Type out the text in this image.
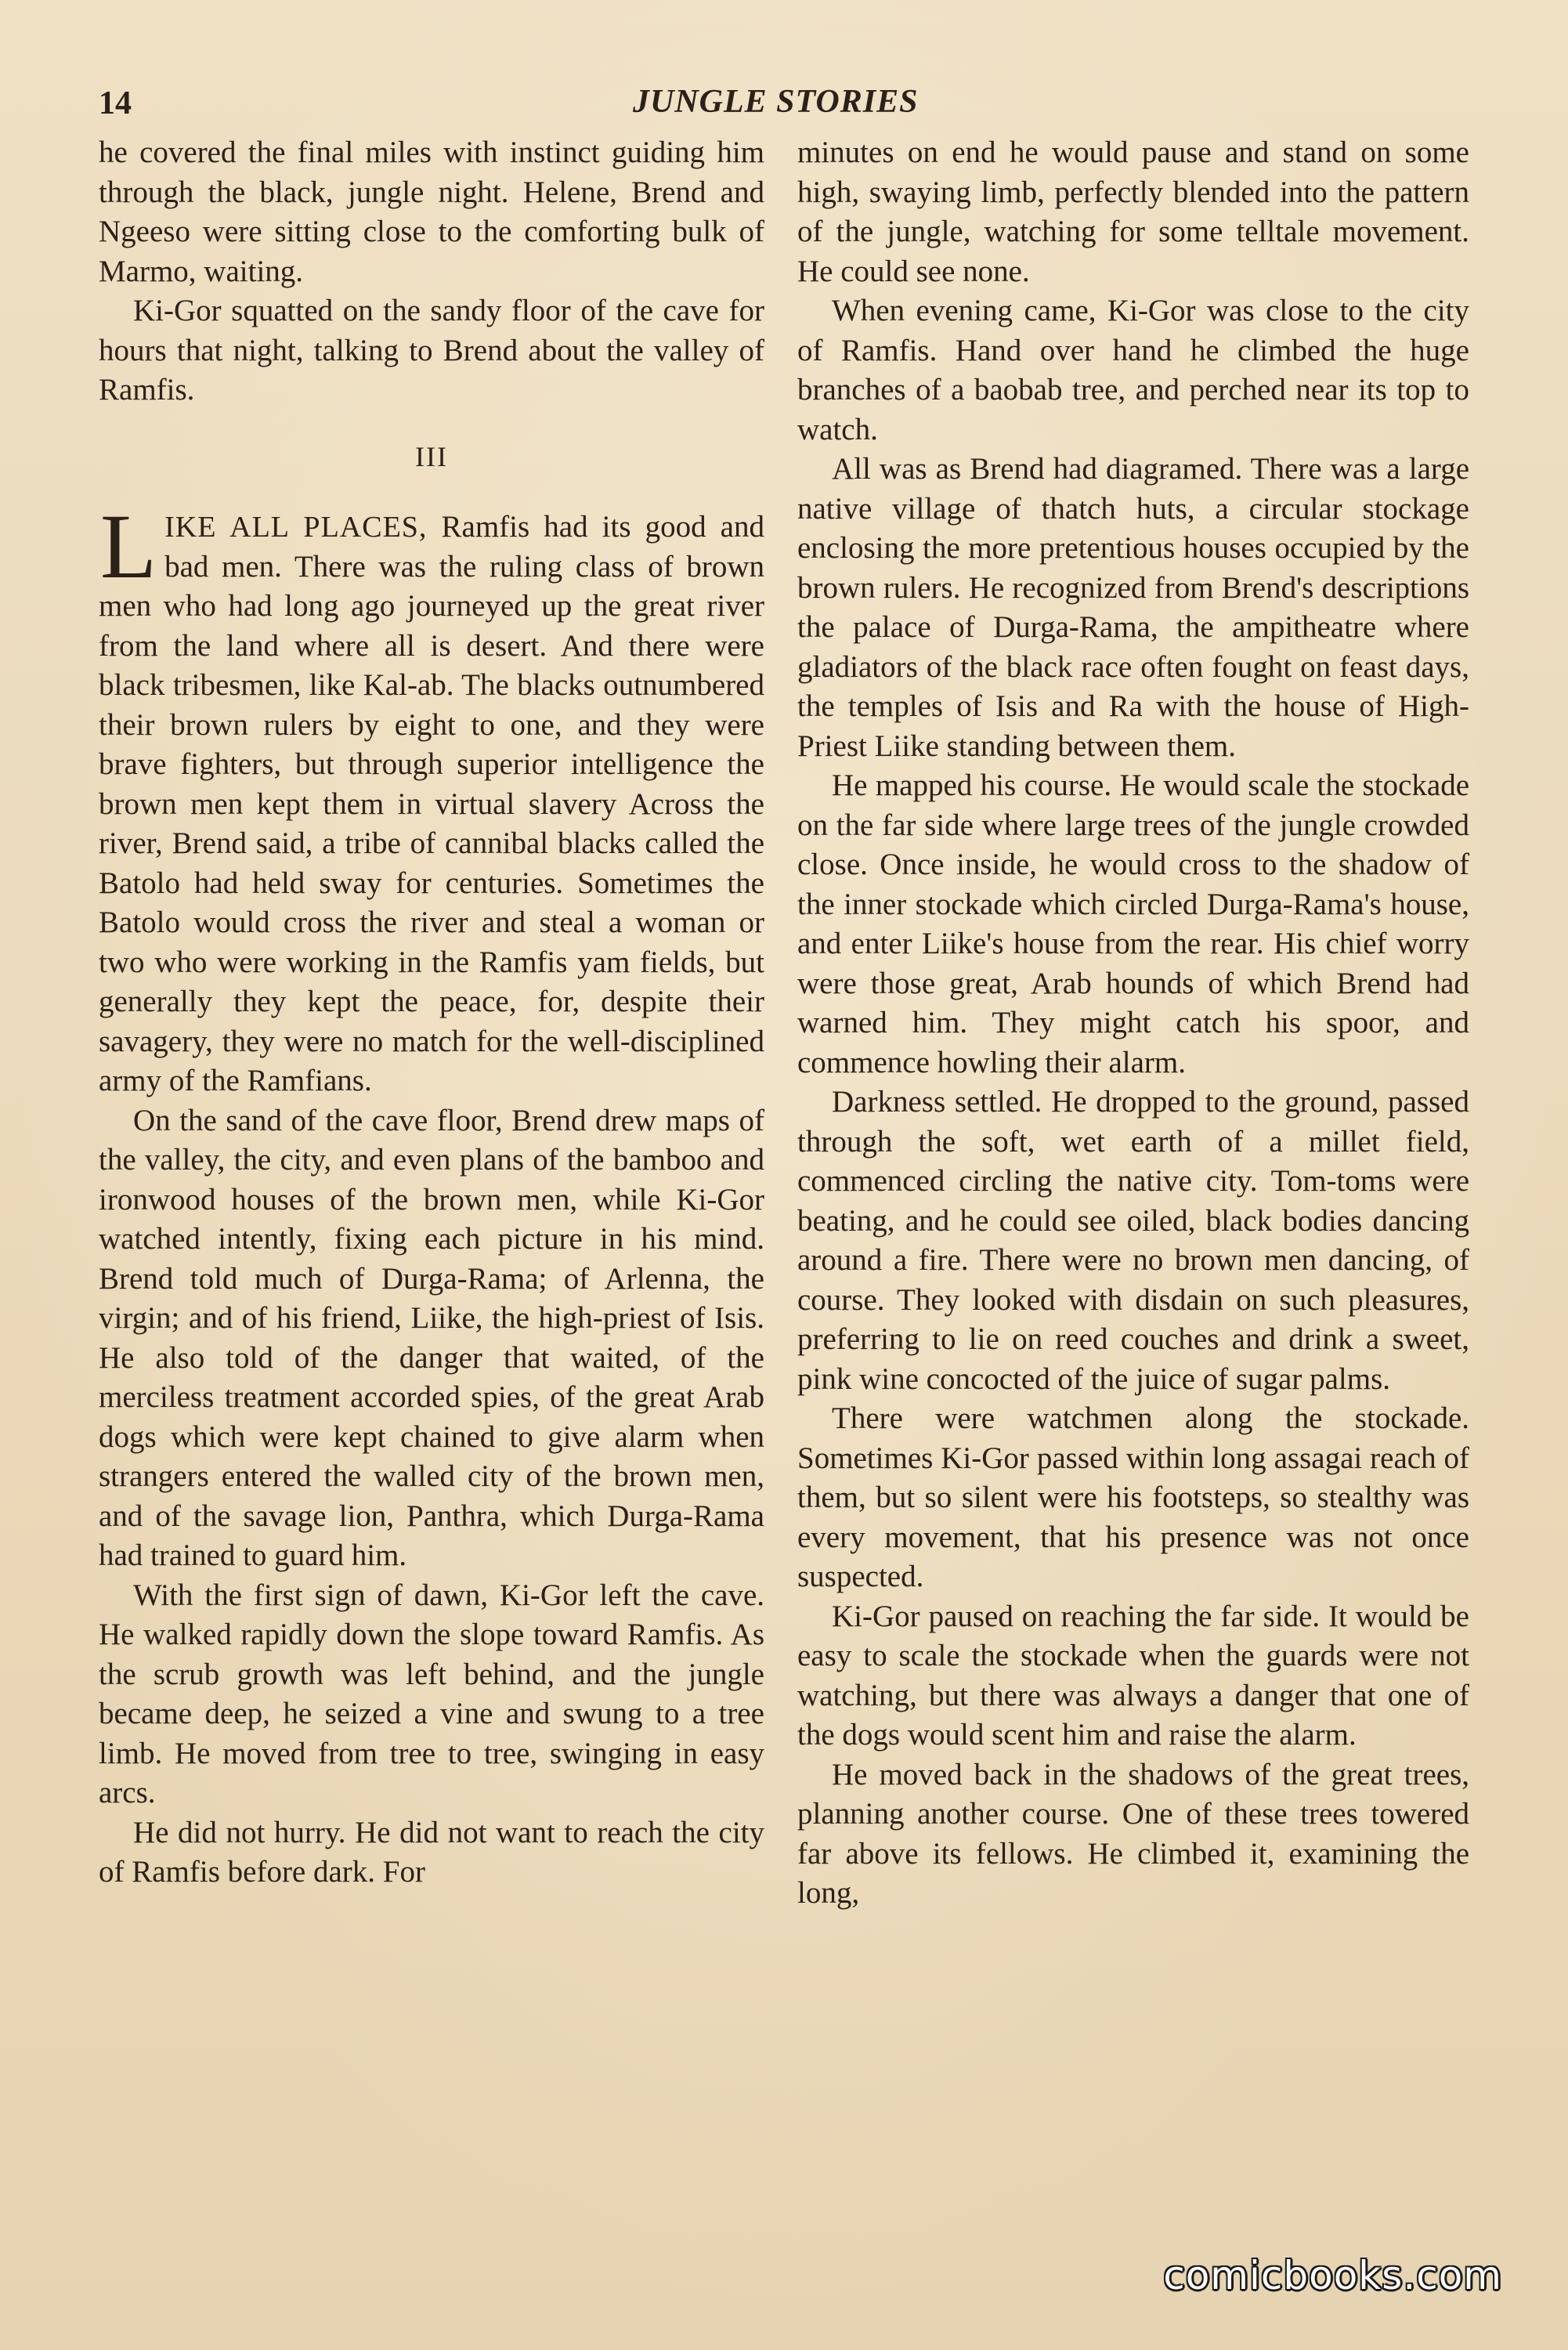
14	JUNGLE STORIES

he covered the final miles with instinct guiding him through the black, jungle night. Helene, Brend and Ngeeso were sitting close to the comforting bulk of Marmo, waiting.

Ki-Gor squatted on the sandy floor of the cave for hours that night, talking to Brend about the valley of Ramfis.

III

LIKE ALL PLACES, Ramfis had its good and bad men. There was the ruling class of brown men who had long ago journeyed up the great river from the land where all is desert. And there were black tribesmen, like Kal-ab. The blacks outnumbered their brown rulers by eight to one, and they were brave fighters, but through superior intelligence the brown men kept them in virtual slavery Across the river, Brend said, a tribe of cannibal blacks called the Batolo had held sway for centuries. Sometimes the Batolo would cross the river and steal a woman or two who were working in the Ramfis yam fields, but generally they kept the peace, for, despite their savagery, they were no match for the well-disciplined army of the Ramfians.

On the sand of the cave floor, Brend drew maps of the valley, the city, and even plans of the bamboo and ironwood houses of the brown men, while Ki-Gor watched intently, fixing each picture in his mind. Brend told much of Durga-Rama; of Arlenna, the virgin; and of his friend, Liike, the high-priest of Isis. He also told of the danger that waited, of the merciless treatment accorded spies, of the great Arab dogs which were kept chained to give alarm when strangers entered the walled city of the brown men, and of the savage lion, Panthra, which Durga-Rama had trained to guard him.

With the first sign of dawn, Ki-Gor left the cave. He walked rapidly down the slope toward Ramfis. As the scrub growth was left behind, and the jungle became deep, he seized a vine and swung to a tree limb. He moved from tree to tree, swinging in easy arcs.

He did not hurry. He did not want to reach the city of Ramfis before dark. For

minutes on end he would pause and stand on some high, swaying limb, perfectly blended into the pattern of the jungle, watching for some telltale movement. He could see none.

When evening came, Ki-Gor was close to the city of Ramfis. Hand over hand he climbed the huge branches of a baobab tree, and perched near its top to watch.

All was as Brend had diagramed. There was a large native village of thatch huts, a circular stockage enclosing the more pretentious houses occupied by the brown rulers. He recognized from Brend's descriptions the palace of Durga-Rama, the ampitheatre where gladiators of the black race often fought on feast days, the temples of Isis and Ra with the house of High-Priest Liike standing between them.

He mapped his course. He would scale the stockade on the far side where large trees of the jungle crowded close. Once inside, he would cross to the shadow of the inner stockade which circled Durga-Rama's house, and enter Liike's house from the rear. His chief worry were those great, Arab hounds of which Brend had warned him. They might catch his spoor, and commence howling their alarm.

Darkness settled. He dropped to the ground, passed through the soft, wet earth of a millet field, commenced circling the native city. Tom-toms were beating, and he could see oiled, black bodies dancing around a fire. There were no brown men dancing, of course. They looked with disdain on such pleasures, preferring to lie on reed couches and drink a sweet, pink wine concocted of the juice of sugar palms.

There were watchmen along the stockade. Sometimes Ki-Gor passed within long assagai reach of them, but so silent were his footsteps, so stealthy was every movement, that his presence was not once suspected.

Ki-Gor paused on reaching the far side. It would be easy to scale the stockade when the guards were not watching, but there was always a danger that one of the dogs would scent him and raise the alarm.

He moved back in the shadows of the great trees, planning another course. One of these trees towered far above its fellows. He climbed it, examining the long,

comicbooks.com
